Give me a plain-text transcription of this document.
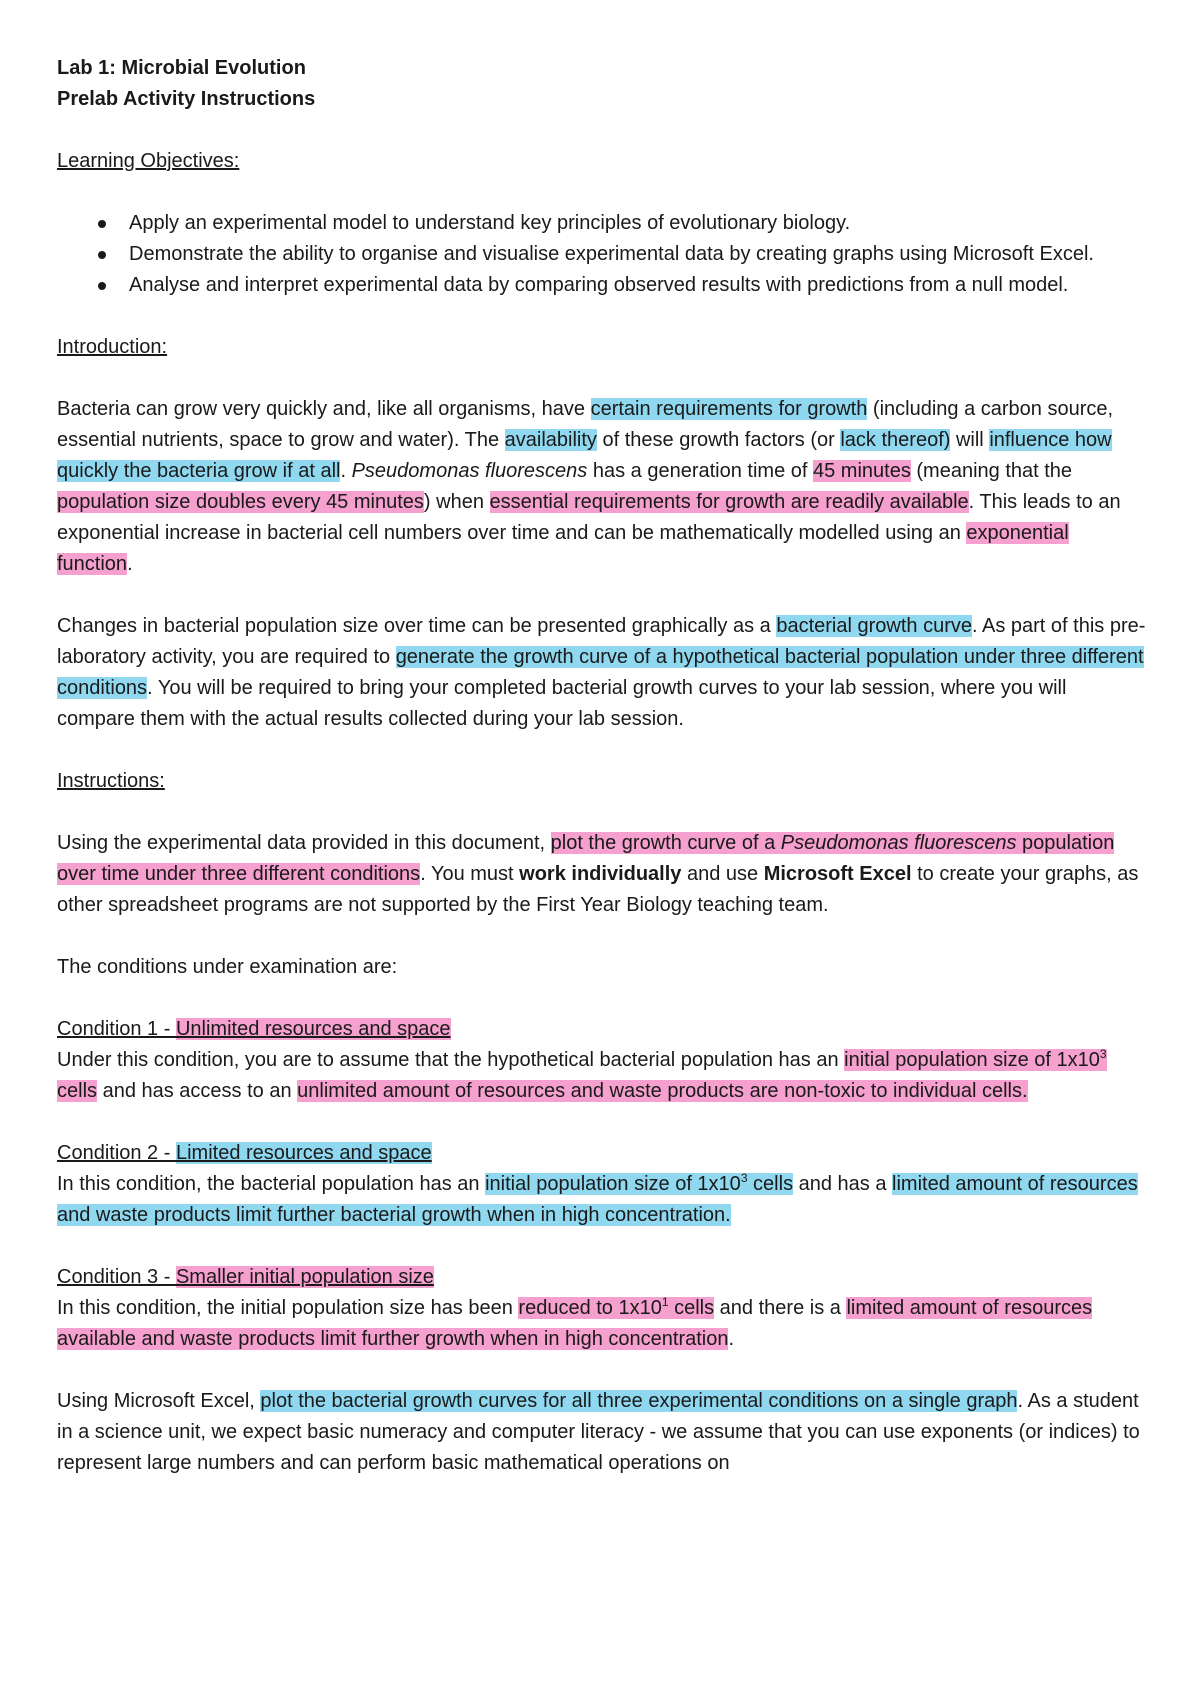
Lab 1: Microbial Evolution

Prelab Activity Instructions

Learning Objectives:

Apply an experimental model to understand key principles of evolutionary biology.
Demonstrate the ability to organise and visualise experimental data by creating graphs using Microsoft Excel.
Analyse and interpret experimental data by comparing observed results with predictions from a null model.

Introduction:

Bacteria can grow very quickly and, like all organisms, have certain requirements for growth (including a carbon source, essential nutrients, space to grow and water). The availability of these growth factors (or lack thereof) will influence how quickly the bacteria grow if at all. Pseudomonas fluorescens has a generation time of 45 minutes (meaning that the population size doubles every 45 minutes) when essential requirements for growth are readily available. This leads to an exponential increase in bacterial cell numbers over time and can be mathematically modelled using an exponential function.

Changes in bacterial population size over time can be presented graphically as a bacterial growth curve. As part of this pre-laboratory activity, you are required to generate the growth curve of a hypothetical bacterial population under three different conditions. You will be required to bring your completed bacterial growth curves to your lab session, where you will compare them with the actual results collected during your lab session.

Instructions:

Using the experimental data provided in this document, plot the growth curve of a Pseudomonas fluorescens population over time under three different conditions. You must work individually and use Microsoft Excel to create your graphs, as other spreadsheet programs are not supported by the First Year Biology teaching team.

The conditions under examination are:

Condition 1 - Unlimited resources and space

Under this condition, you are to assume that the hypothetical bacterial population has an initial population size of $1x10^3$ cells and has access to an unlimited amount of resources and waste products are non-toxic to individual cells.

Condition 2 - Limited resources and space

In this condition, the bacterial population has an initial population size of $1x10^3$ cells and has a limited amount of resources and waste products limit further bacterial growth when in high concentration.

Condition 3 - Smaller initial population size

In this condition, the initial population size has been reduced to $1x10^1$ cells and there is a limited amount of resources available and waste products limit further growth when in high concentration.

Using Microsoft Excel, plot the bacterial growth curves for all three experimental conditions on a single graph. As a student in a science unit, we expect basic numeracy and computer literacy - we assume that you can use exponents (or indices) to represent large numbers and can perform basic mathematical operations on
